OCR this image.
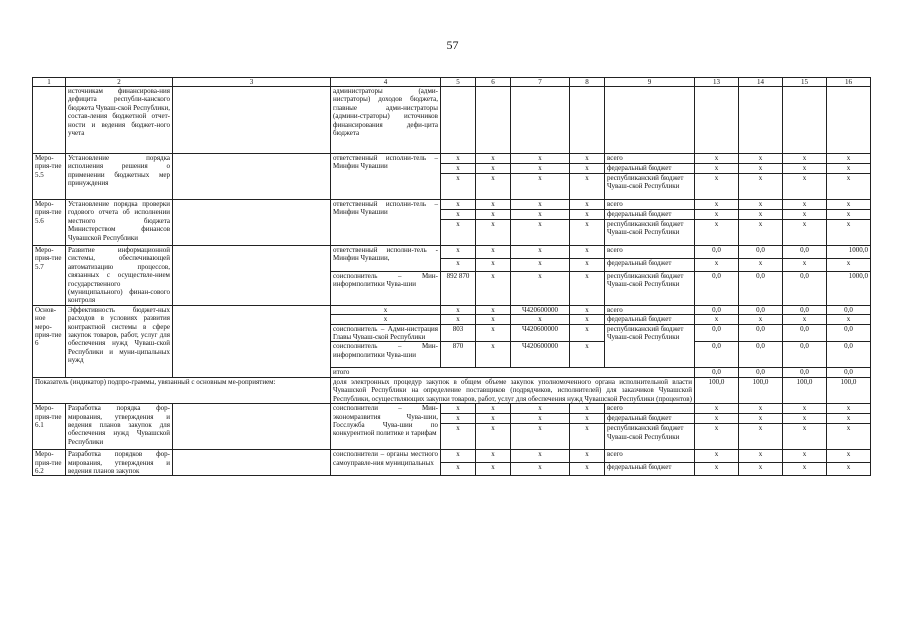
57
1	2	3	4	5	6	7	8	9	13	14	15	16
	источникам финансирова-ния дефицита республи-канского бюджета Чуваш-ской Республики, состав-ления бюджетной отчет-ности и ведения бюджет-ного учета		администраторы (адми-нистраторы) доходов бюджета, главные адми-нистраторы (админи-страторы) источников финансирования дефи-цита бюджета									
Меро-прия-тие 5.5	Установление порядка исполнения решения о применении бюджетных мер принуждения		ответственный исполни-тель – Минфин Чувашии	x	x	x	x	всего	x	x	x	x
				x	x	x	x	федеральный бюджет	x	x	x	x
				x	x	x	x	республиканский бюджет Чуваш-ской Республики	x	x	x	x
Меро-прия-тие 5.6	Установление порядка проверки годового отчета об исполнении местного бюджета Министерством финансов Чувашской Республики		ответственный исполни-тель – Минфин Чувашии	x	x	x	x	всего	x	x	x	x
				x	x	x	x	федеральный бюджет	x	x	x	x
				x	x	x	x	республиканский бюджет Чуваш-ской Республики	x	x	x	x
Меро-прия-тие 5.7	Развитие информационной системы, обеспечивающей автоматизацию процессов, связанных с осуществле-нием государственного (муниципального) финан-сового контроля		ответственный исполни-тель - Минфин Чувашии,	x	x	x	x	всего	0,0	0,0	0,0	1000,0
				x	x	x	x	федеральный бюджет	x	x	x	x
			соисполнитель – Мин-информполитики Чува-шии	892 870	x	x	x	республиканский бюджет Чуваш-ской Республики	0,0	0,0	0,0	1000,0
Основ-ное меро-прия-тие 6	Эффективность бюджет-ных расходов в условиях развития контрактной системы в сфере закупок товаров, работ, услуг для обеспечения нужд Чуваш-ской Республики и муни-ципальных нужд		x	x	x	Ч420600000	x	всего	0,0	0,0	0,0	0,0
			x	x	x	x	x	федеральный бюджет	x	x	x	x
			соисполнитель – Адми-нистрация Главы Чуваш-ской Республики	803	x	Ч420600000	x	республиканский бюджет Чуваш-ской Республики	0,0	0,0	0,0	0,0
			соисполнитель – Мин-информполитики Чува-шии	870	x	Ч420600000	x		0,0	0,0	0,0	0,0
			итого						0,0	0,0	0,0	0,0
Показатель (индикатор) подпро-граммы, увязанный с основным ме-роприятием:			доля электронных процедур закупок в общем объеме закупок уполномоченного органа исполнительной власти Чувашской Республики на определение поставщиков (подрядчиков, исполнителей) для заказчиков Чувашской Республики, осуществляющих закупки товаров, работ, услуг для обеспечения нужд Чувашской Республики (процентов)						100,0	100,0	100,0	100,0
Меро-прия-тие 6.1	Разработка порядка фор-мирования, утверждения и ведения планов закупок для обеспечения нужд Чувашской Республики		соисполнители – Мин-экономразвития Чува-шии, Госслужба Чува-шии по конкурентной политике и тарифам	x	x	x	x	всего	x	x	x	x
				x	x	x	x	федеральный бюджет	x	x	x	x
				x	x	x	x	республиканский бюджет Чуваш-ской Республики	x	x	x	x
Меро-прия-тие 6.2	Разработка порядков фор-мирования, утверждения и ведения планов закупок		соисполнители – органы местного самоуправле-ния муниципальных	x	x	x	x	всего	x	x	x	x
				x	x	x	x	федеральный бюджет	x	x	x	x
